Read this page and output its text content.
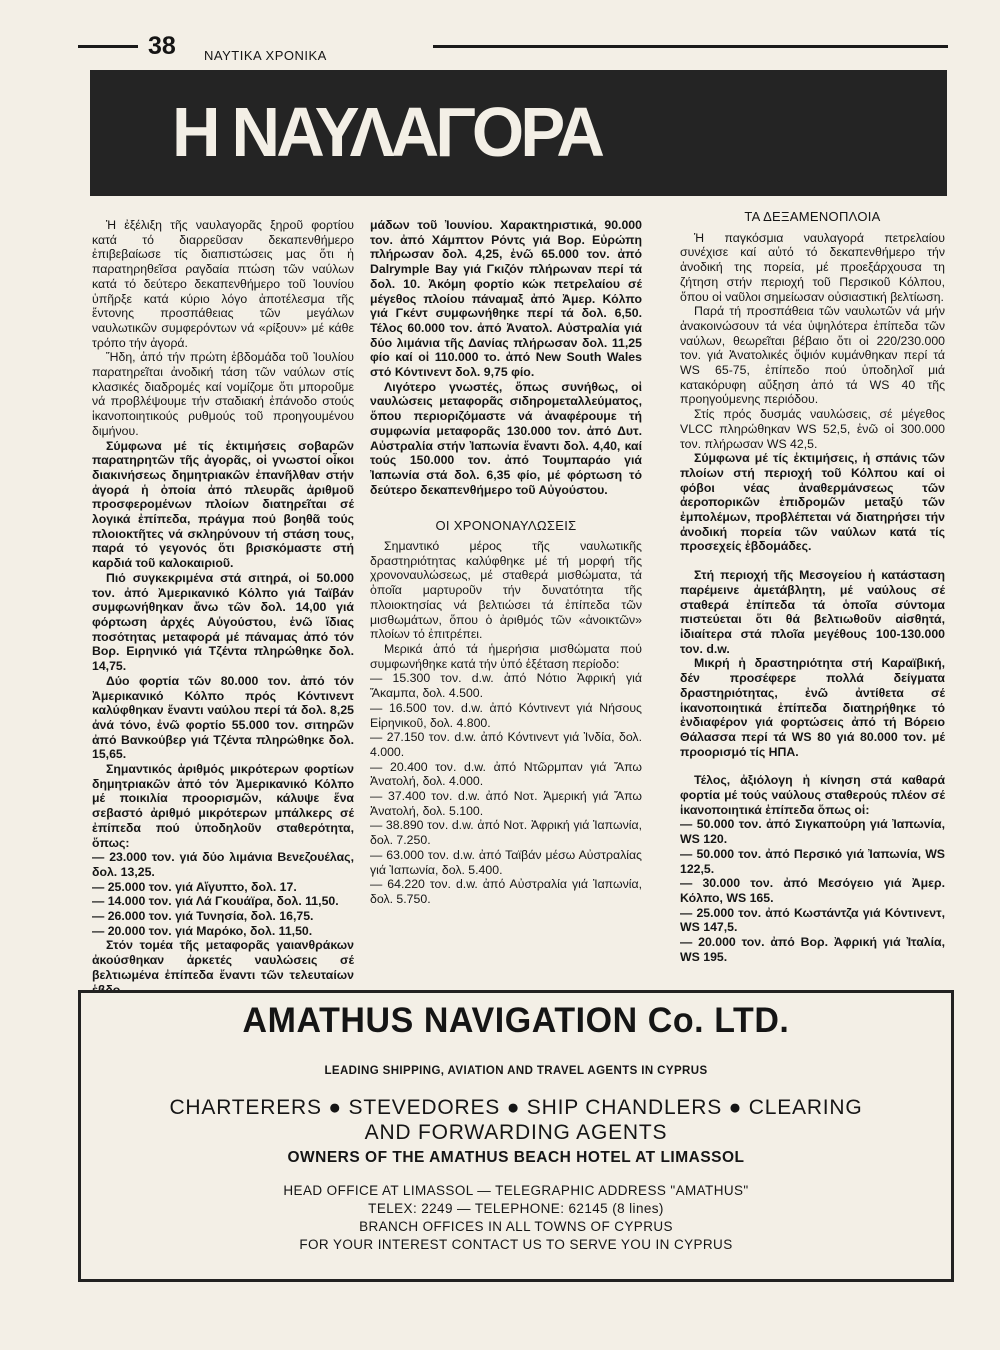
38 ΝΑΥΤΙΚΑ ΧΡΟΝΙΚΑ
Η ΝΑΥΛΑΓΟΡΑ

Ἡ ἐξέλιξη τῆς ναυλαγορᾶς ξηροῦ φορτίου κατά τό διαρρεῦσαν δεκαπενθήμερο ἐπιβεβαίωσε τίς διαπιστώσεις μας ὅτι ἡ παρατηρηθεῖσα ραγδαία πτώση τῶν ναύλων κατά τό δεύτερο δεκαπενθήμερο τοῦ Ἰουνίου ὑπῆρξε κατά κύριο λόγο ἀποτέλεσμα τῆς ἔντονης προσπάθειας τῶν μεγάλων ναυλωτικῶν συμφερόντων νά «ρίξουν» μέ κάθε τρόπο τήν ἀγορά.

Ἤδη, ἀπό τήν πρώτη ἑβδομάδα τοῦ Ἰουλίου παρατηρεῖται ἀνοδική τάση τῶν ναύλων στίς κλασικές διαδρομές καί νομίζομε ὅτι μποροῦμε νά προβλέψουμε τήν σταδιακή ἐπάνοδο στούς ἱκανοποιητικούς ρυθμούς τοῦ προηγουμένου διμήνου.

Σύμφωνα μέ τίς ἐκτιμήσεις σοβαρῶν παρατηρητῶν τῆς ἀγορᾶς, οἱ γνωστοί οἶκοι διακινήσεως δημητριακῶν ἐπανῆλθαν στήν ἀγορά ἡ ὁποία ἀπό πλευρᾶς ἀριθμοῦ προσφερομένων πλοίων διατηρεῖται σέ λογικά ἐπίπεδα, πράγμα πού βοηθᾶ τούς πλοιοκτῆτες νά σκληρύνουν τή στάση τους, παρά τό γεγονός ὅτι βρισκόμαστε στή καρδιά τοῦ καλοκαιριοῦ.

Πιό συγκεκριμένα στά σιτηρά, οἱ 50.000 τον. ἀπό Ἀμερικανικό Κόλπο γιά Ταϊβάν συμφωνήθηκαν ἄνω τῶν δολ. 14,00 γιά φόρτωση ἀρχές Αὐγούστου, ἐνῶ ἴδιας ποσότητας μεταφορά μέ πάναμας ἀπό τόν Βορ. Ειρηνικό γιά Τζέντα πληρώθηκε δολ. 14,75.

Δύο φορτία τῶν 80.000 τον. ἀπό τόν Ἀμερικανικό Κόλπο πρός Κόντινεντ καλύφθηκαν ἔναντι ναύλου περί τά δολ. 8,25 ἀνά τόνο, ἐνῶ φορτίο 55.000 τον. σιτηρῶν ἀπό Βανκούβερ γιά Τζέντα πληρώθηκε δολ. 15,65.

Σημαντικός ἀριθμός μικρότερων φορτίων δημητριακῶν ἀπό τόν Ἀμερικανικό Κόλπο μέ ποικιλία προορισμῶν, κάλυψε ἕνα σεβαστό ἀριθμό μικρότερων μπάλκερς σέ ἐπίπεδα πού ὑποδηλοῦν σταθερότητα, ὅπως:

— 23.000 τον. γιά δύο λιμάνια Βενεζουέλας, δολ. 13,25.

— 25.000 τον. γιά Αἴγυπτο, δολ. 17.

— 14.000 τον. γιά Λά Γκουάϊρα, δολ. 11,50.

— 26.000 τον. γιά Τυνησία, δολ. 16,75.

— 20.000 τον. γιά Μαρόκο, δολ. 11,50.

Στόν τομέα τῆς μεταφορᾶς γαιανθράκων ἀκούσθηκαν ἀρκετές ναυλώσεις σέ βελτιωμένα ἐπίπεδα ἔναντι τῶν τελευταίων

μάδων τοῦ Ἰουνίου. Χαρακτηριστικά, 90.000 τον. ἀπό Χάμπτον Ρόντς γιά Βορ. Εὐρώπη πλήρωσαν δολ. 4,25, ἐνῶ 65.000 τον. ἀπό Dalrymple Bay γιά Γκιζόν πλήρωναν περί τά δολ. 10. Ἀκόμη φορτίο κώκ πετρελαίου σέ μέγεθος πλοίου πάναμαξ ἀπό Ἀμερ. Κόλπο γιά Γκέντ συμφωνήθηκε περί τά δολ. 6,50. Τέλος 60.000 τον. ἀπό Ἀνατολ. Αὐστραλία γιά δύο λιμάνια τῆς Δανίας πλήρωσαν δολ. 11,25 φίο καί οἱ 110.000 το. ἀπό New South Wales στό Κόντινεντ δολ. 9,75 φίο.

Λιγότερο γνωστές, ὅπως συνήθως, οἱ ναυλώσεις μεταφορᾶς σιδηρομεταλλεύματος, ὅπου περιοριζόμαστε νά ἀναφέρουμε τή συμφωνία μεταφορᾶς 130.000 τον. ἀπό Δυτ. Αὐστραλία στήν Ἰαπωνία ἔναντι δολ. 4,40, καί τούς 150.000 τον. ἀπό Τουμπαράο γιά Ἰαπωνία στά δολ. 6,35 φίο, μέ φόρτωση τό δεύτερο δεκαπενθήμερο τοῦ Αὐγούστου.

ΟΙ ΧΡΟΝΟΝΑΥΛΩΣΕΙΣ

Σημαντικό μέρος τῆς ναυλωτικῆς δραστηριότητας καλύφθηκε μέ τή μορφή τῆς χρονοναυλώσεως, μέ σταθερά μισθώματα, τά ὁποῖα μαρτυροῦν τήν δυνατότητα τῆς πλοιοκτησίας νά βελτιώσει τά ἐπίπεδα τῶν μισθωμάτων, ὅπου ὁ ἀριθμός τῶν «ἀνοικτῶν» πλοίων τό ἐπιτρέπει.

Μερικά ἀπό τά ἡμερήσια μισθώματα πού συμφωνήθηκε κατά τήν ὑπό ἐξέταση περίοδο:

— 15.300 τον. d.w. ἀπό Νότιο Ἀφρική γιά Ἄκαμπα, δολ. 4.500.

— 16.500 τον. d.w. ἀπό Κόντινεντ γιά Νήσους Εἰρηνικοῦ, δολ. 4.800.

— 27.150 τον. d.w. ἀπό Κόντινεντ γιά Ἰνδία, δολ. 4.000.

— 20.400 τον. d.w. ἀπό Ντῶρμπαν γιά Ἄπω Ἀνατολή, δολ. 4.000.

— 37.400 τον. d.w. ἀπό Νοτ. Ἀμερική γιά Ἄπω Ἀνατολή, δολ. 5.100.

— 38.890 τον. d.w. ἀπό Νοτ. Ἀφρική γιά Ἰαπωνία, δολ. 7.250.

— 63.000 τον. d.w. ἀπό Ταϊβάν μέσω Αὐστραλίας γιά Ἰαπωνία, δολ. 5.400.

— 64.220 τον. d.w. ἀπό Αὐστραλία γιά Ἰαπωνία, δολ. 5.750.

ΤΑ ΔΕΞΑΜΕΝΟΠΛΟΙΑ

Ἡ παγκόσμια ναυλαγορά πετρελαίου συνέχισε καί αὐτό τό δεκαπενθήμερο τήν ἀνοδική της πορεία, μέ προεξάρχουσα τη ζήτηση στήν περιοχή τοῦ Περσικοῦ Κόλπου, ὅπου οἱ ναῦλοι σημείωσαν οὐσιαστική βελτίωση.

Παρά τή προσπάθεια τῶν ναυλωτῶν νά μήν ἀνακοινώσουν τά νέα ὑψηλότερα ἐπίπεδα τῶν ναύλων, θεωρεῖται βέβαιο ὅτι οἱ 220/230.000 τον. γιά Ἀνατολικές ὄψιόν κυμάνθηκαν περί τά WS 65-75, ἐπίπεδο πού ὑποδηλοῖ μιά κατακόρυφη αὔξηση ἀπό τά WS 40 τῆς προηγούμενης περιόδου.

Στίς πρός δυσμάς ναυλώσεις, σέ μέγεθος VLCC πληρώθηκαν WS 52,5, ἐνῶ οἱ 300.000 τον. πλήρωσαν WS 42,5.

Σύμφωνα μέ τίς ἐκτιμήσεις, ἡ σπάνις τῶν πλοίων στή περιοχή τοῦ Κόλπου καί οἱ φόβοι νέας ἀναθερμάνσεως τῶν ἀεροπορικῶν ἐπιδρομῶν μεταξύ τῶν ἐμπολέμων, προβλέπεται νά διατηρήσει τήν ἀνοδική πορεία τῶν ναύλων κατά τίς προσεχείς ἑβδομάδες.

Στή περιοχή τῆς Μεσογείου ἡ κατάσταση παρέμεινε ἀμετάβλητη, μέ ναύλους σέ σταθερά ἐπίπεδα τά ὁποῖα σύντομα πιστεύεται ὅτι θά βελτιωθοῦν αἰσθητά, ἰδιαίτερα στά πλοῖα μεγέθους 100-130.000 τον. d.w.

Μικρή ἡ δραστηριότητα στή Καραϊβική, δέν προσέφερε πολλά δείγματα δραστηριότητας, ἐνῶ ἀντίθετα σέ ἱκανοποιητικά ἐπίπεδα διατηρήθηκε τό ἐνδιαφέρον γιά φορτώσεις ἀπό τή Βόρειο Θάλασσα περί τά WS 80 γιά 80.000 τον. μέ προορισμό τίς ΗΠΑ.

Τέλος, ἀξιόλογη ἡ κίνηση στά καθαρά φορτία μέ τούς ναύλους σταθερούς πλέον σέ ἱκανοποιητικά ἐπίπεδα ὅπως οἱ:

— 50.000 τον. ἀπό Σιγκαπούρη γιά Ἰαπωνία, WS 120.

— 50.000 τον. ἀπό Περσικό γιά Ἰαπωνία, WS 122,5.

— 30.000 τον. ἀπό Μεσόγειο γιά Ἀμερ. Κόλπο, WS 165.

— 25.000 τον. ἀπό Κωστάντζα γιά Κόντινεντ, WS 147,5.

— 20.000 τον. ἀπό Βορ. Ἀφρική γιά Ἰταλία, WS 195.

AMATHUS NAVIGATION Co. LTD.
LEADING SHIPPING, AVIATION AND TRAVEL AGENTS IN CYPRUS
CHARTERERS ● STEVEDORES ● SHIP CHANDLERS ● CLEARING
AND FORWARDING AGENTS
OWNERS OF THE AMATHUS BEACH HOTEL AT LIMASSOL
HEAD OFFICE AT LIMASSOL — TELEGRAPHIC ADDRESS "AMATHUS"
TELEX: 2249 — TELEPHONE: 62145 (8 lines)
BRANCH OFFICES IN ALL TOWNS OF CYPRUS
FOR YOUR INTEREST CONTACT US TO SERVE YOU IN CYPRUS
